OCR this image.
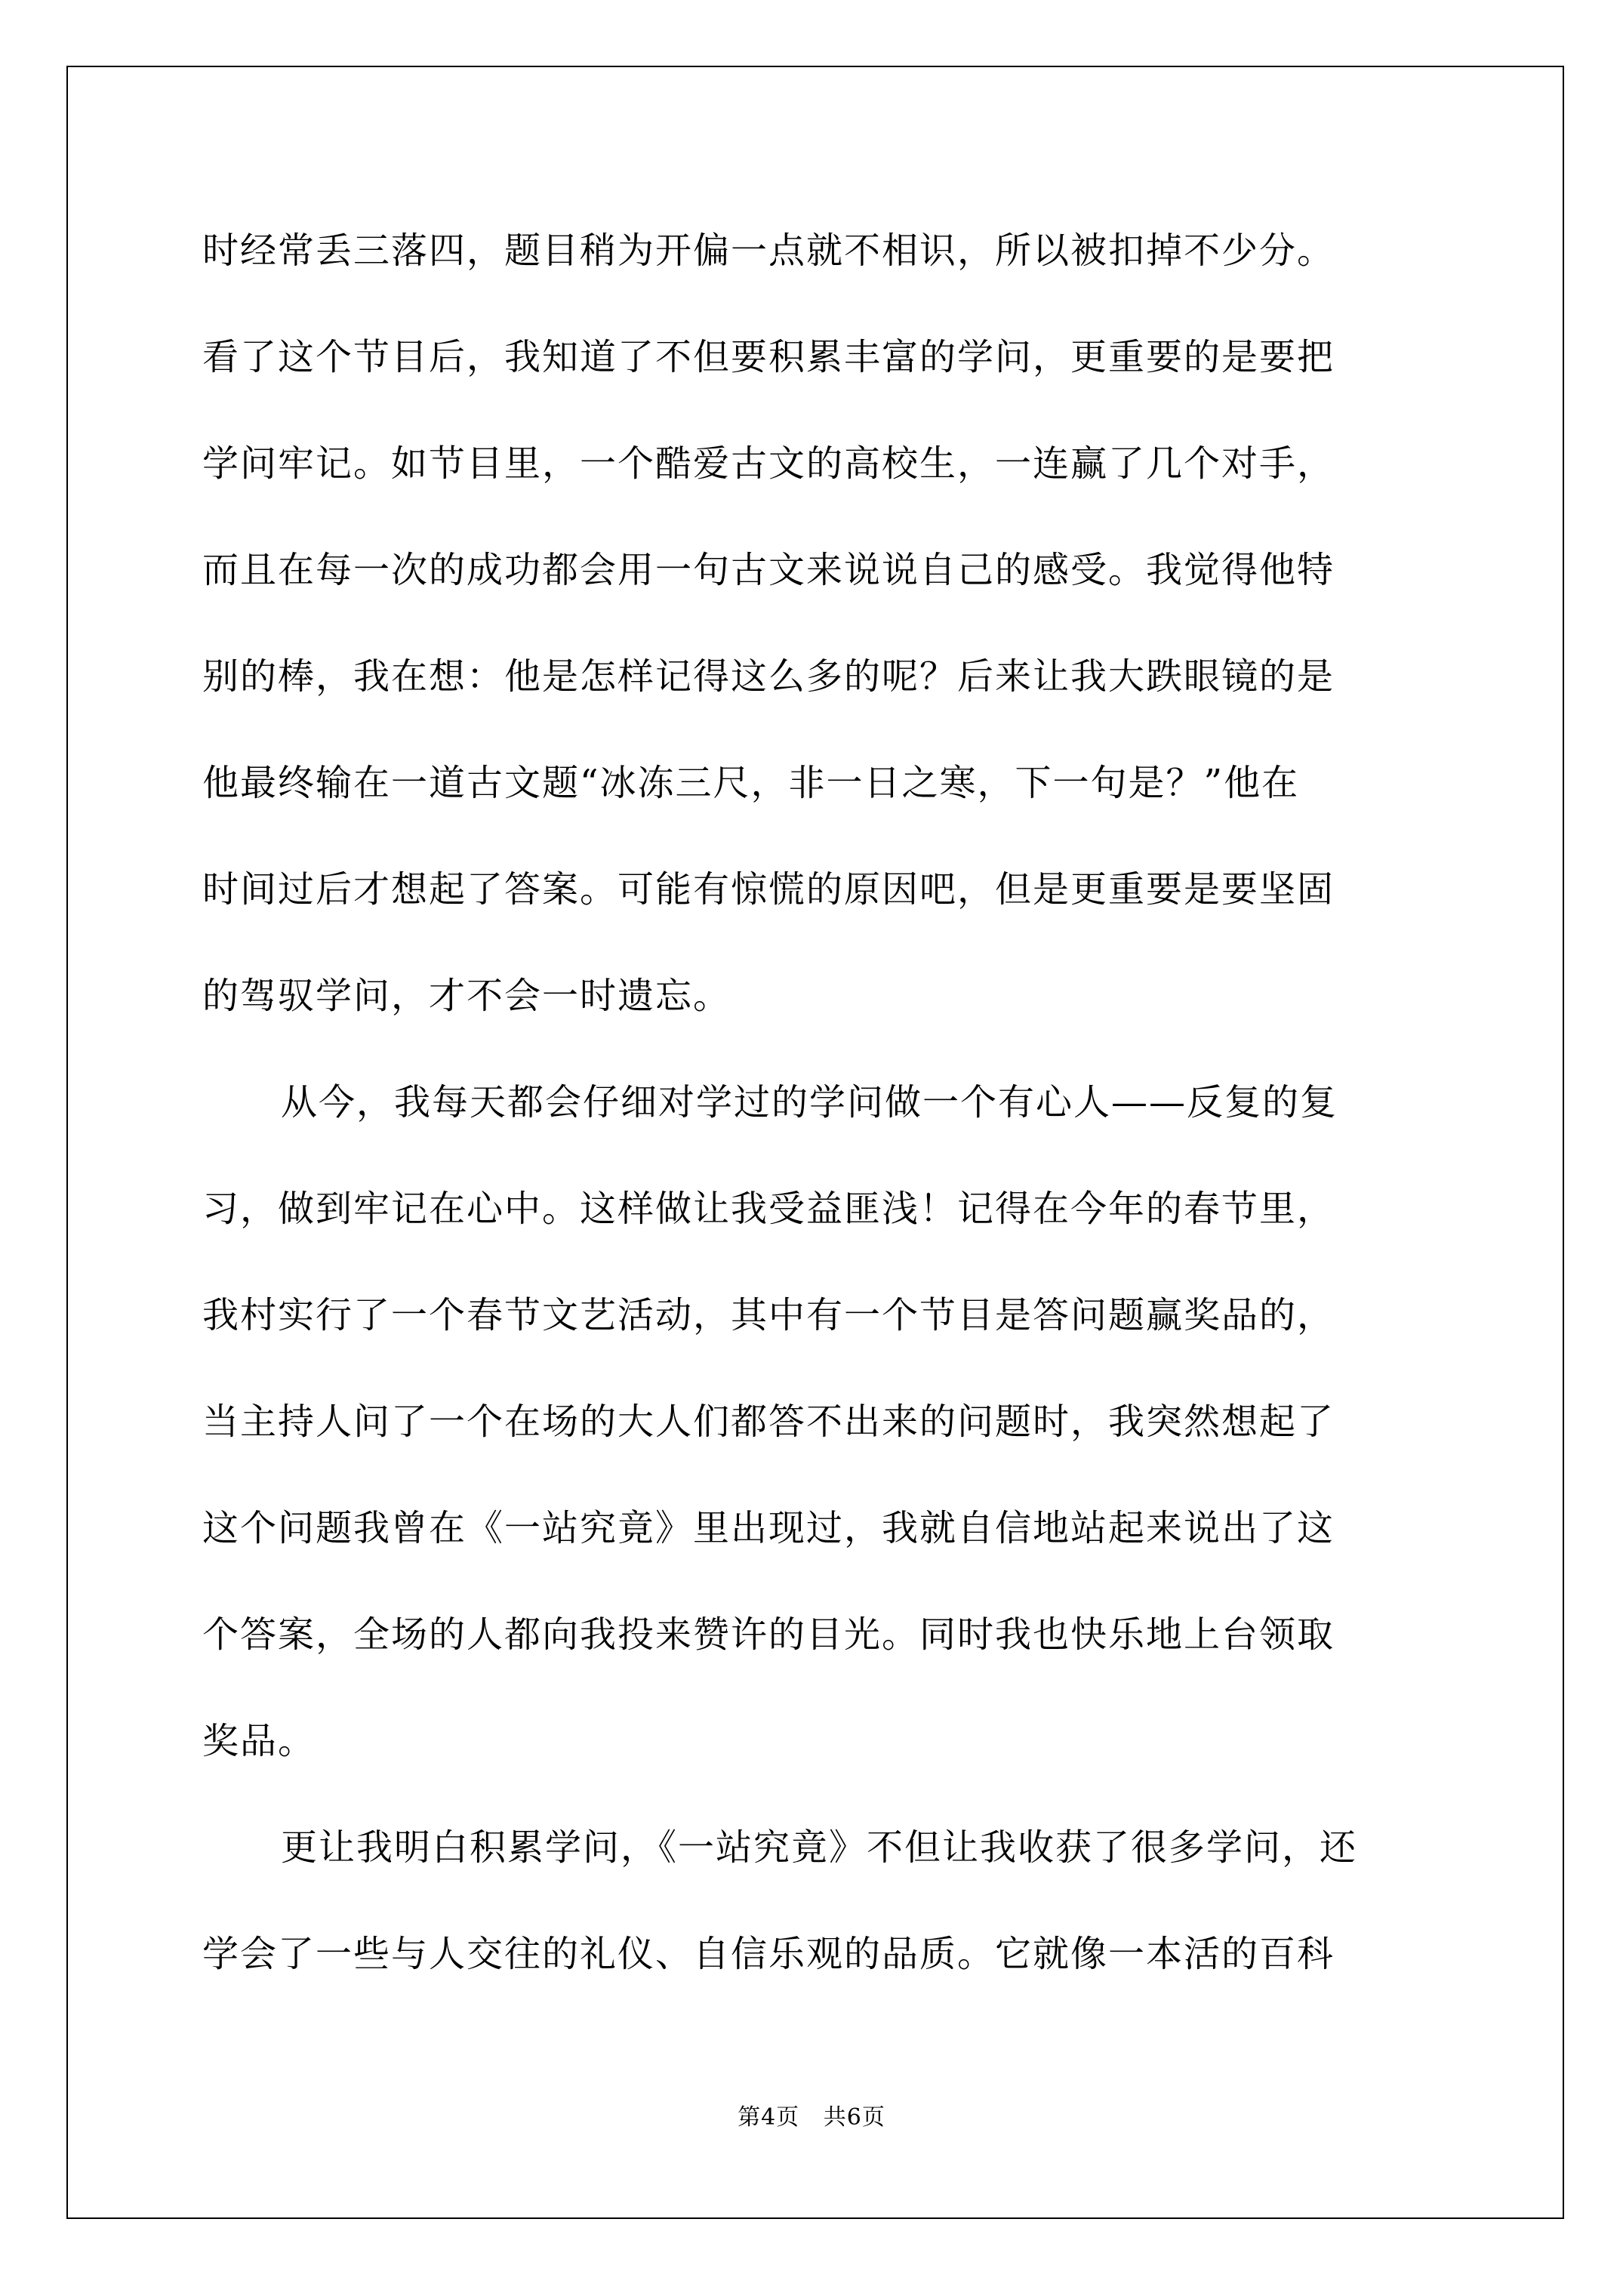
时经常丢三落四，题目稍为开偏一点就不相识，所以被扣掉不少分。
看了这个节目后，我知道了不但要积累丰富的学问，更重要的是要把
学问牢记。如节目里，一个酷爱古文的高校生，一连赢了几个对手，
而且在每一次的成功都会用一句古文来说说自己的感受。我觉得他特
别的棒，我在想：他是怎样记得这么多的呢？后来让我大跌眼镜的是
他最终输在一道古文题“冰冻三尺，非一日之寒，下一句是？”他在
时间过后才想起了答案。可能有惊慌的原因吧，但是更重要是要坚固
的驾驭学问，才不会一时遗忘。
从今，我每天都会仔细对学过的学问做一个有心人——反复的复
习，做到牢记在心中。这样做让我受益匪浅！记得在今年的春节里，
我村实行了一个春节文艺活动，其中有一个节目是答问题赢奖品的，
当主持人问了一个在场的大人们都答不出来的问题时，我突然想起了
这个问题我曾在《一站究竟》里出现过，我就自信地站起来说出了这
个答案，全场的人都向我投来赞许的目光。同时我也快乐地上台领取
奖品。
更让我明白积累学问，《一站究竟》不但让我收获了很多学问，还
学会了一些与人交往的礼仪、自信乐观的品质。它就像一本活的百科
第4页 共6页
